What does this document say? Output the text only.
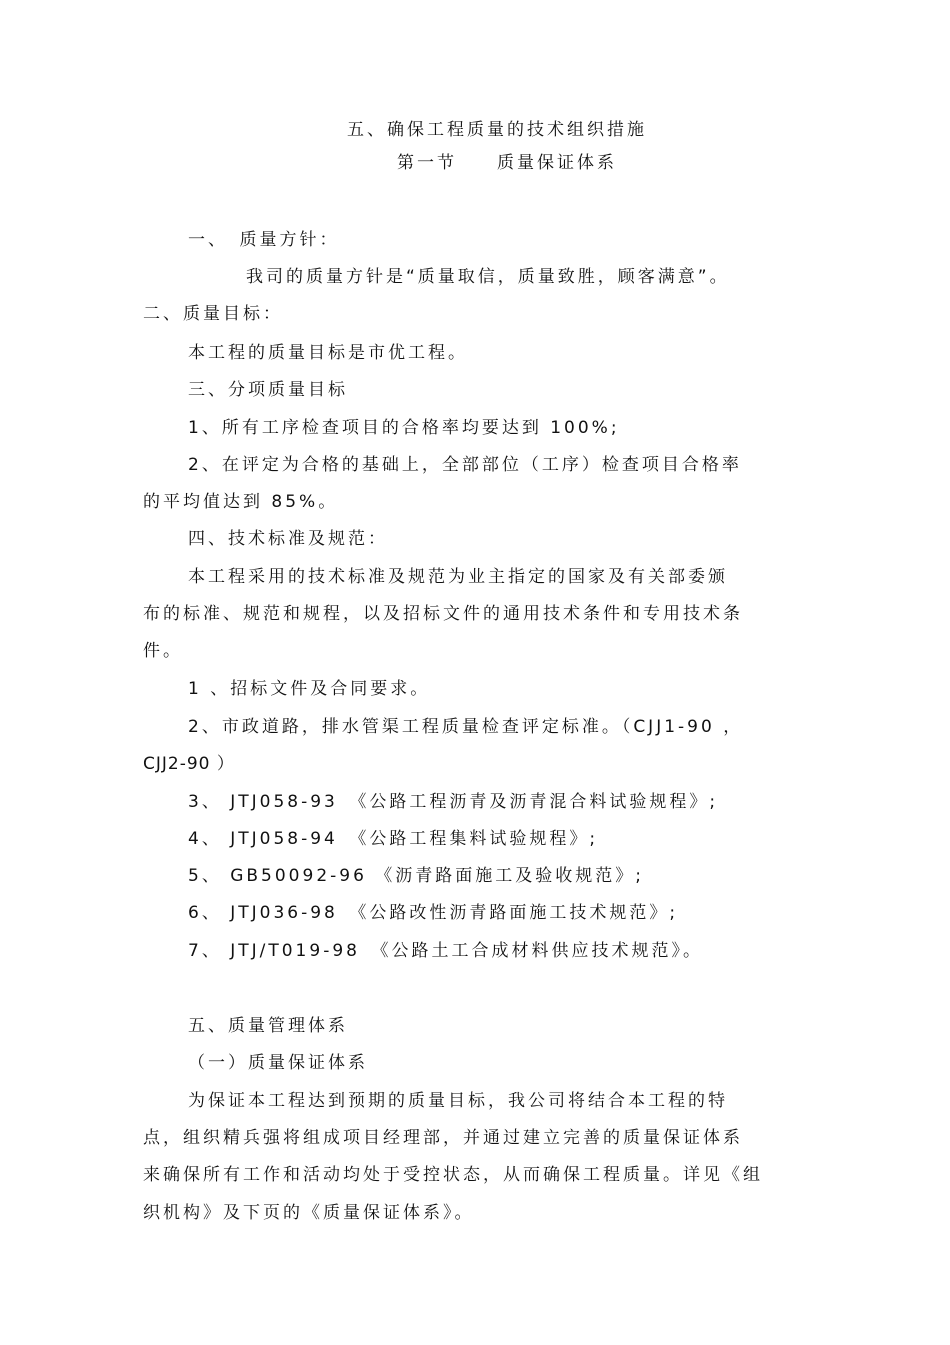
五、确保工程质量的技术组织措施
第一节　　质量保证体系
一、　质量方针：
我司的质量方针是“质量取信，质量致胜，顾客满意”。
二、质量目标：
本工程的质量目标是市优工程。
三、分项质量目标
1、所有工序检查项目的合格率均要达到 100%;
2、在评定为合格的基础上，全部部位（工序）检查项目合格率
的平均值达到 85%。
四、技术标准及规范：
本工程采用的技术标准及规范为业主指定的国家及有关部委颁
布的标准、规范和规程，以及招标文件的通用技术条件和专用技术条
件。
1 、招标文件及合同要求。
2、市政道路，排水管渠工程质量检查评定标准。（CJJ1-90 ，
CJJ2-90 ）
3、 JTJ058-93　《公路工程沥青及沥青混合料试验规程》;
4、 JTJ058-94　《公路工程集料试验规程》;
5、 GB50092-96 《沥青路面施工及验收规范》;
6、 JTJ036-98　《公路改性沥青路面施工技术规范》;
7、 JTJ/T019-98　《公路土工合成材料供应技术规范》。
五、质量管理体系
（一）质量保证体系
为保证本工程达到预期的质量目标，我公司将结合本工程的特
点，组织精兵强将组成项目经理部，并通过建立完善的质量保证体系
来确保所有工作和活动均处于受控状态，从而确保工程质量。详见《组
织机构》及下页的《质量保证体系》。
